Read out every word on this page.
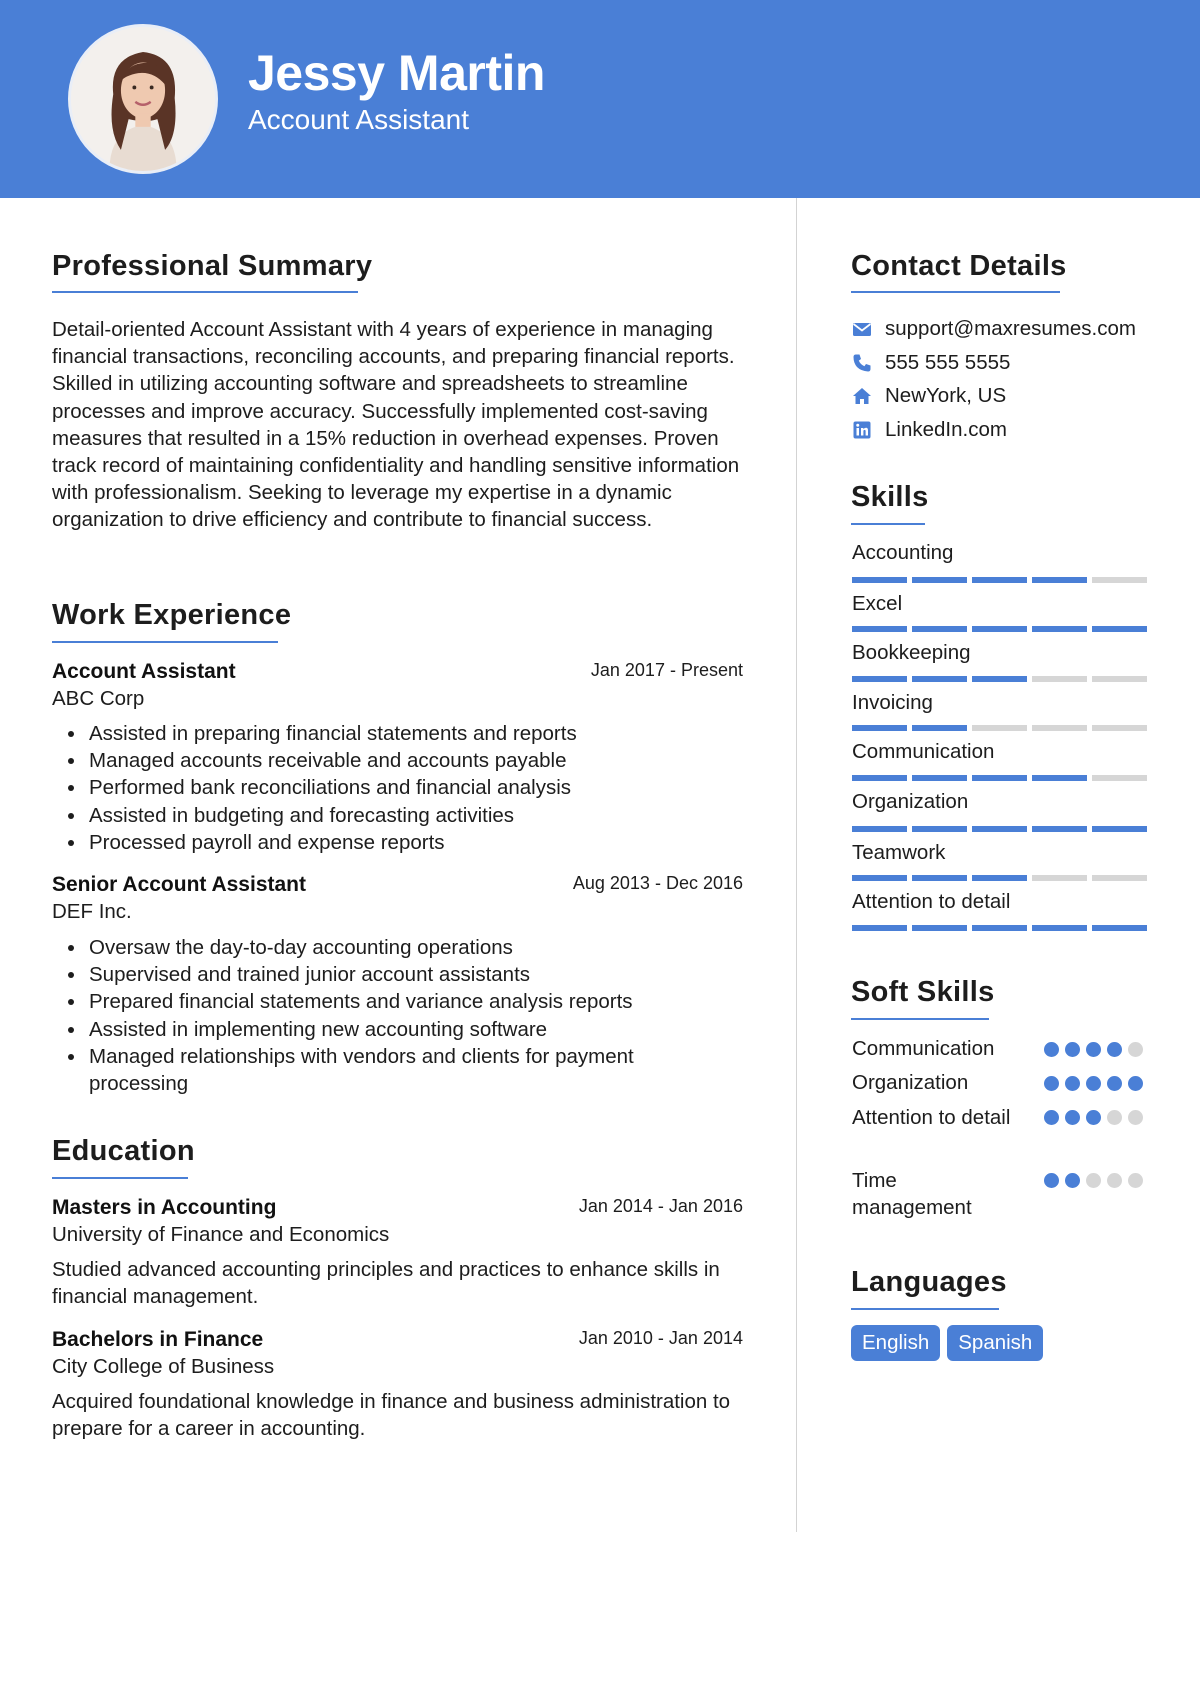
Jessy Martin
Account Assistant
Professional Summary
Detail-oriented Account Assistant with 4 years of experience in managing financial transactions, reconciling accounts, and preparing financial reports. Skilled in utilizing accounting software and spreadsheets to streamline processes and improve accuracy. Successfully implemented cost-saving measures that resulted in a 15% reduction in overhead expenses. Proven track record of maintaining confidentiality and handling sensitive information with professionalism. Seeking to leverage my expertise in a dynamic organization to drive efficiency and contribute to financial success.
Work Experience
Account Assistant	Jan 2017 - Present
ABC Corp
Assisted in preparing financial statements and reports
Managed accounts receivable and accounts payable
Performed bank reconciliations and financial analysis
Assisted in budgeting and forecasting activities
Processed payroll and expense reports
Senior Account Assistant	Aug 2013 - Dec 2016
DEF Inc.
Oversaw the day-to-day accounting operations
Supervised and trained junior account assistants
Prepared financial statements and variance analysis reports
Assisted in implementing new accounting software
Managed relationships with vendors and clients for payment processing
Education
Masters in Accounting	Jan 2014 - Jan 2016
University of Finance and Economics
Studied advanced accounting principles and practices to enhance skills in financial management.
Bachelors in Finance	Jan 2010 - Jan 2014
City College of Business
Acquired foundational knowledge in finance and business administration to prepare for a career in accounting.
Contact Details
support@maxresumes.com
555 555 5555
NewYork, US
LinkedIn.com
Skills
Accounting
Excel
Bookkeeping
Invoicing
Communication
Organization
Teamwork
Attention to detail
Soft Skills
Communication
Organization
Attention to detail
Time management
Languages
English	Spanish
